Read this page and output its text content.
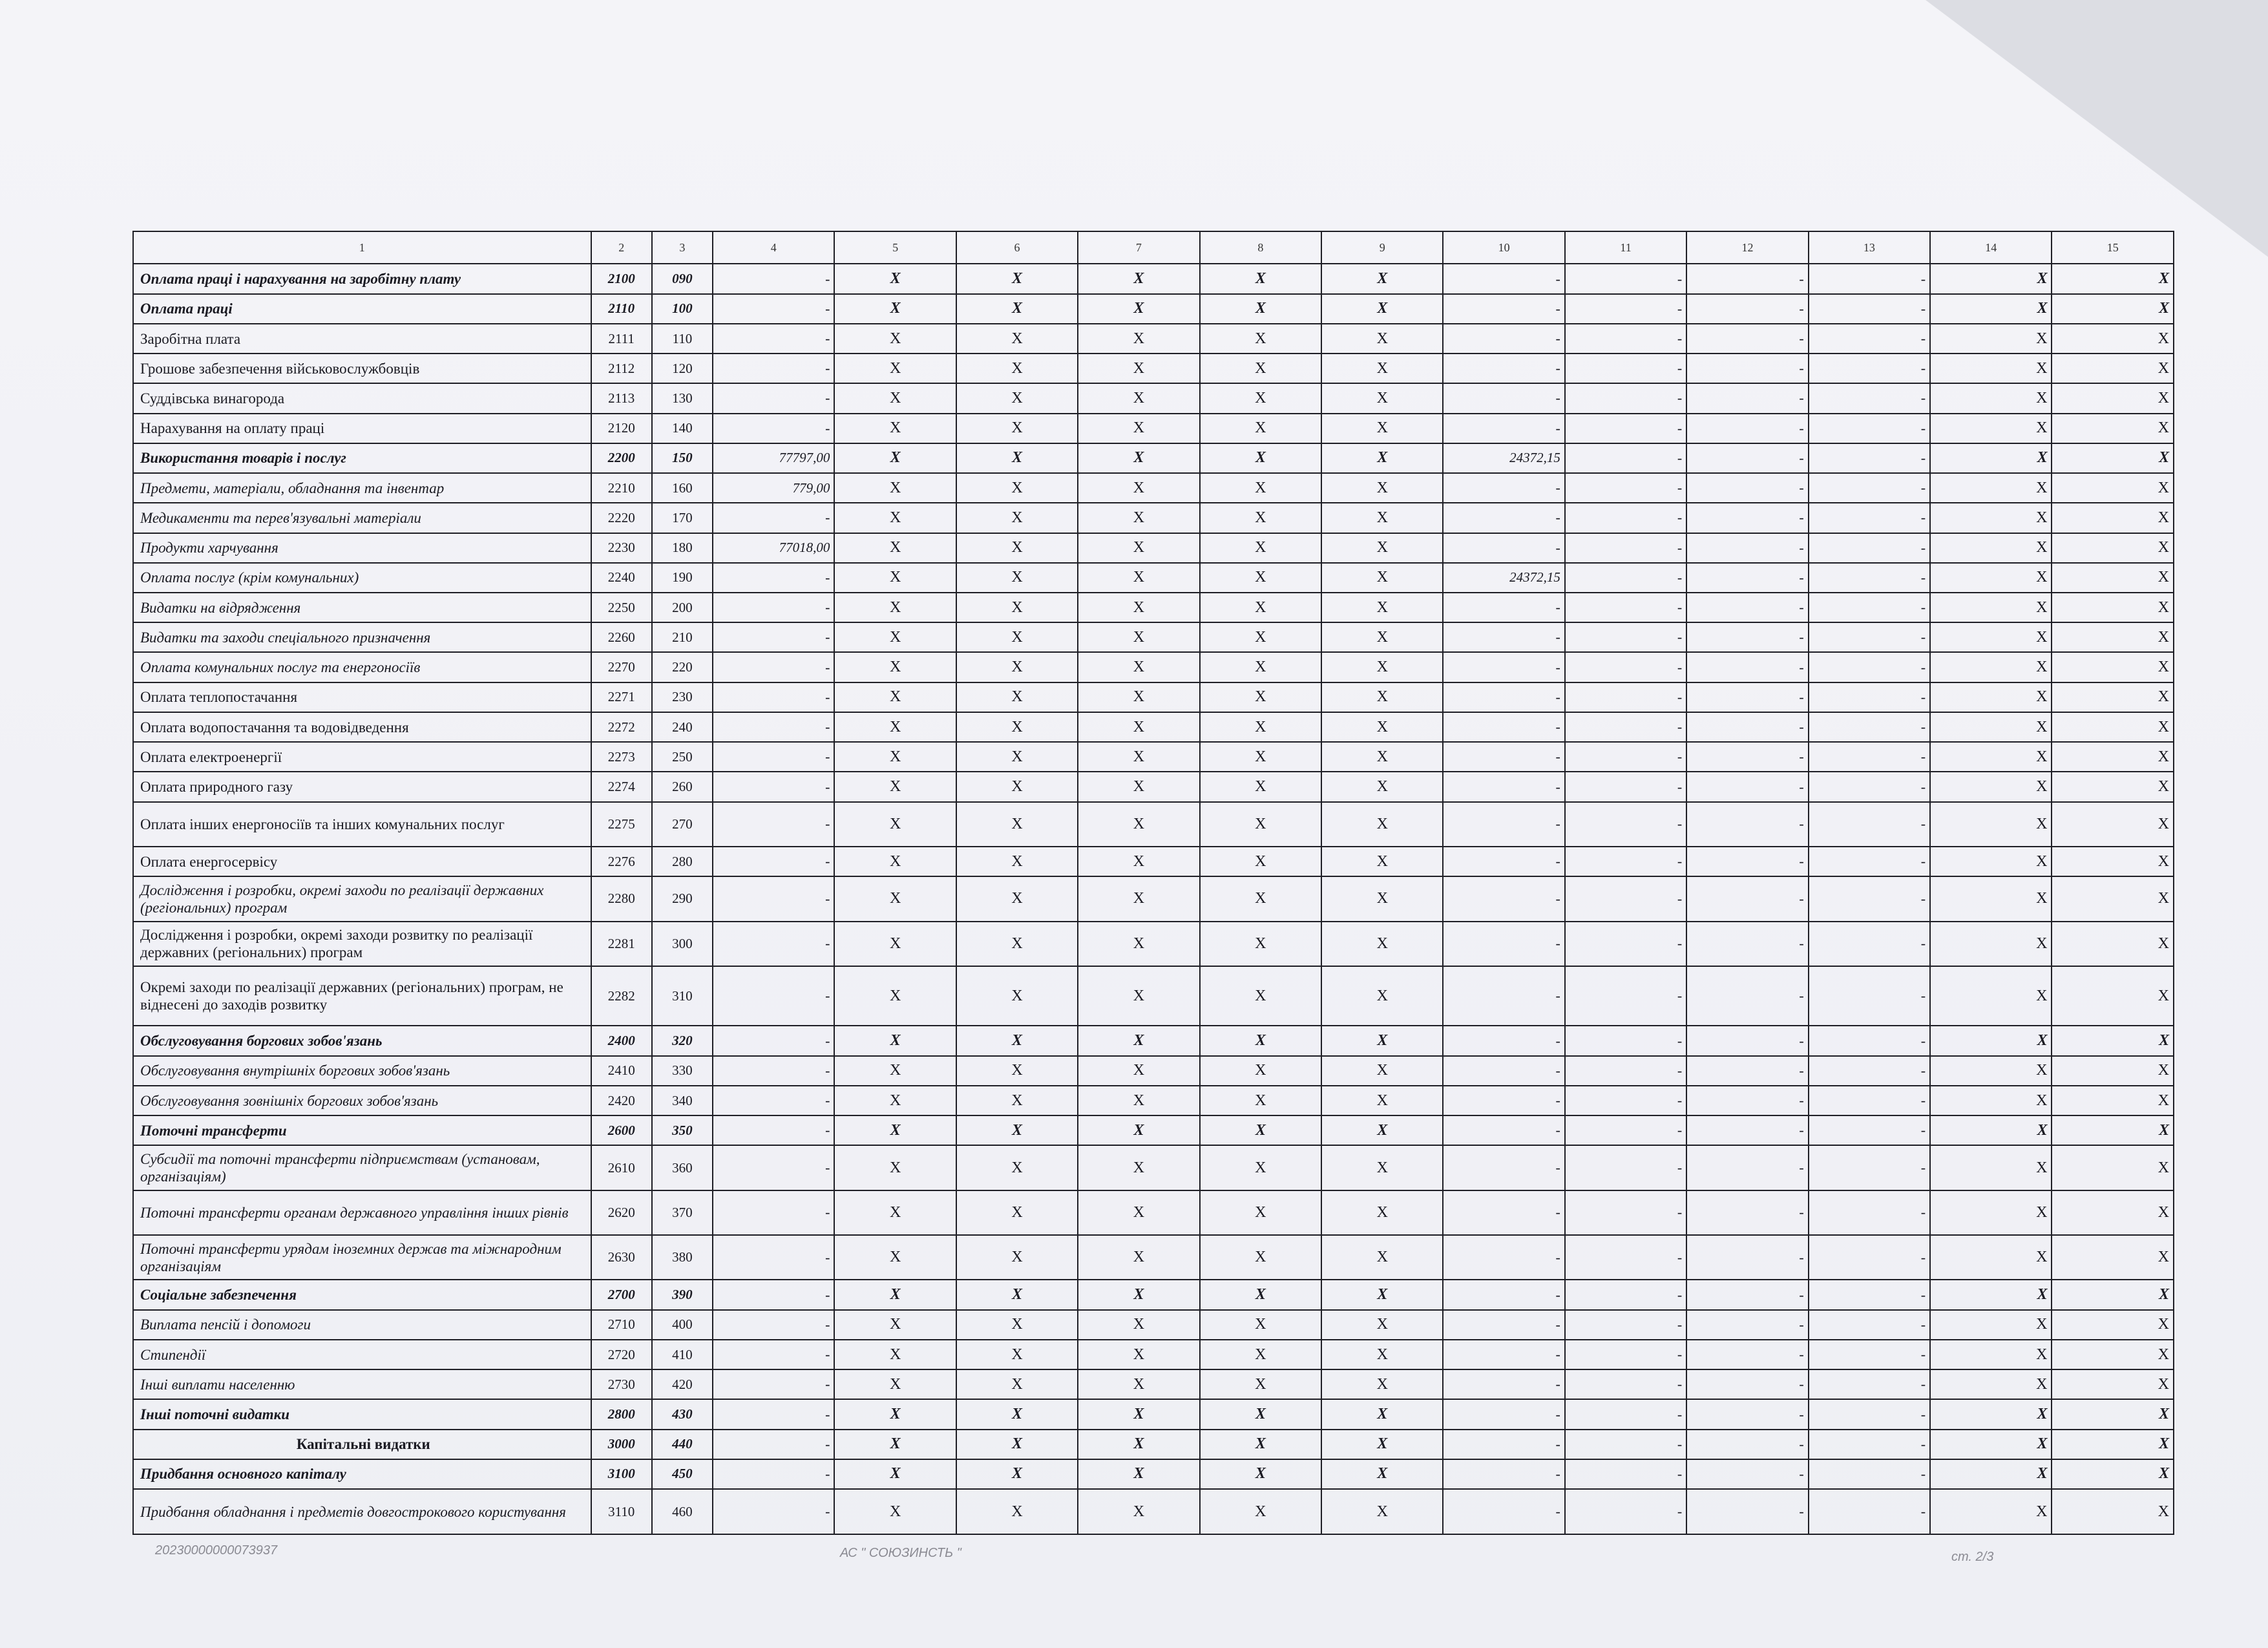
1	2	3	4	5	6	7	8	9	10	11	12	13	14	15
Оплата праці і нарахування на заробітну плату	2100	090	-	X	X	X	X	X	-	-	-	-	X	X
Оплата праці	2110	100	-	X	X	X	X	X	-	-	-	-	X	X
Заробітна плата	2111	110	-	X	X	X	X	X	-	-	-	-	X	X
Грошове забезпечення військовослужбовців	2112	120	-	X	X	X	X	X	-	-	-	-	X	X
Суддівська винагорода	2113	130	-	X	X	X	X	X	-	-	-	-	X	X
Нарахування на оплату праці	2120	140	-	X	X	X	X	X	-	-	-	-	X	X
Використання товарів і послуг	2200	150	77797,00	X	X	X	X	X	24372,15	-	-	-	X	X
Предмети, матеріали, обладнання та інвентар	2210	160	779,00	X	X	X	X	X	-	-	-	-	X	X
Медикаменти та перев'язувальні матеріали	2220	170	-	X	X	X	X	X	-	-	-	-	X	X
Продукти харчування	2230	180	77018,00	X	X	X	X	X	-	-	-	-	X	X
Оплата послуг (крім комунальних)	2240	190	-	X	X	X	X	X	24372,15	-	-	-	X	X
Видатки на відрядження	2250	200	-	X	X	X	X	X	-	-	-	-	X	X
Видатки та заходи спеціального призначення	2260	210	-	X	X	X	X	X	-	-	-	-	X	X
Оплата комунальних послуг та енергоносіїв	2270	220	-	X	X	X	X	X	-	-	-	-	X	X
Оплата теплопостачання	2271	230	-	X	X	X	X	X	-	-	-	-	X	X
Оплата водопостачання та водовідведення	2272	240	-	X	X	X	X	X	-	-	-	-	X	X
Оплата електроенергії	2273	250	-	X	X	X	X	X	-	-	-	-	X	X
Оплата природного газу	2274	260	-	X	X	X	X	X	-	-	-	-	X	X
Оплата інших енергоносіїв та інших комунальних послуг	2275	270	-	X	X	X	X	X	-	-	-	-	X	X
Оплата енергосервісу	2276	280	-	X	X	X	X	X	-	-	-	-	X	X
Дослідження і розробки, окремі заходи по реалізації державних (регіональних) програм	2280	290	-	X	X	X	X	X	-	-	-	-	X	X
Дослідження і розробки, окремі заходи розвитку по реалізації державних (регіональних) програм	2281	300	-	X	X	X	X	X	-	-	-	-	X	X
Окремі заходи по реалізації державних (регіональних) програм, не віднесені до заходів розвитку	2282	310	-	X	X	X	X	X	-	-	-	-	X	X
Обслуговування боргових зобов'язань	2400	320	-	X	X	X	X	X	-	-	-	-	X	X
Обслуговування внутрішніх боргових зобов'язань	2410	330	-	X	X	X	X	X	-	-	-	-	X	X
Обслуговування зовнішніх боргових зобов'язань	2420	340	-	X	X	X	X	X	-	-	-	-	X	X
Поточні трансферти	2600	350	-	X	X	X	X	X	-	-	-	-	X	X
Субсидії та поточні трансферти підприємствам (установам, організаціям)	2610	360	-	X	X	X	X	X	-	-	-	-	X	X
Поточні трансферти органам державного управління інших рівнів	2620	370	-	X	X	X	X	X	-	-	-	-	X	X
Поточні трансферти урядам іноземних держав та міжнародним організаціям	2630	380	-	X	X	X	X	X	-	-	-	-	X	X
Соціальне забезпечення	2700	390	-	X	X	X	X	X	-	-	-	-	X	X
Виплата пенсій і допомоги	2710	400	-	X	X	X	X	X	-	-	-	-	X	X
Стипендії	2720	410	-	X	X	X	X	X	-	-	-	-	X	X
Інші виплати населенню	2730	420	-	X	X	X	X	X	-	-	-	-	X	X
Інші поточні видатки	2800	430	-	X	X	X	X	X	-	-	-	-	X	X
Капітальні видатки	3000	440	-	X	X	X	X	X	-	-	-	-	X	X
Придбання основного капіталу	3100	450	-	X	X	X	X	X	-	-	-	-	X	X
Придбання обладнання і предметів довгострокового користування	3110	460	-	X	X	X	X	X	-	-	-	-	X	X
20230000000073937	АС " СОЮЗИНСТЬ "	ст. 2/3
